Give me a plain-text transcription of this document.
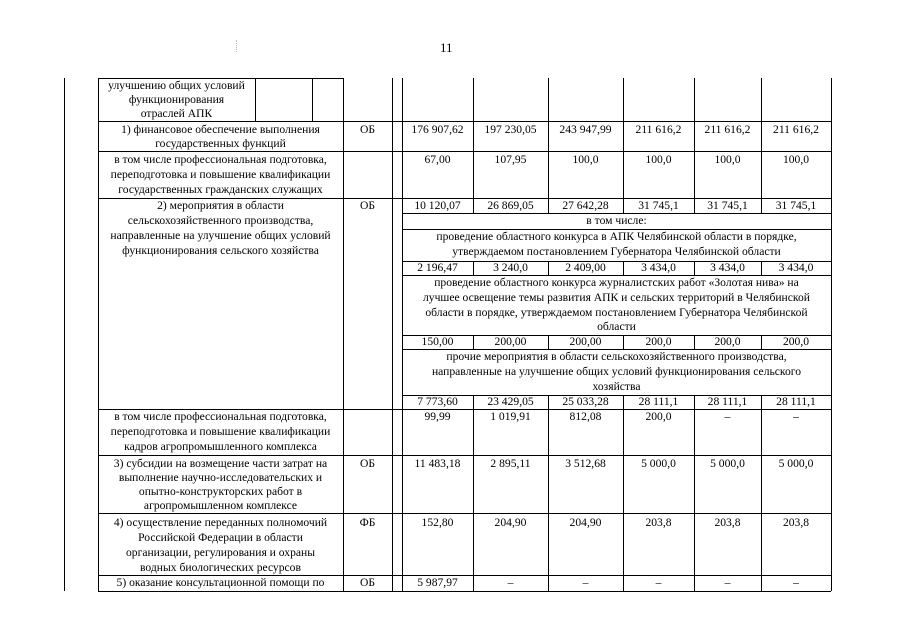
11
улучшению общих условий
функционирования
отраслей АПК
1) финансовое обеспечение выполнения
государственных функций
ОБ	176 907,62	197 230,05	243 947,99	211 616,2	211 616,2	211 616,2
в том числе профессиональная подготовка,
переподготовка и повышение квалификации
государственных гражданских служащих
67,00	107,95	100,0	100,0	100,0	100,0
2) мероприятия в области
сельскохозяйственного производства,
направленные на улучшение общих условий
функционирования сельского хозяйства
ОБ	10 120,07	26 869,05	27 642,28	31 745,1	31 745,1	31 745,1
в том числе:
проведение областного конкурса в АПК Челябинской области в порядке,
утверждаемом постановлением Губернатора Челябинской области
2 196,47	3 240,0	2 409,00	3 434,0	3 434,0	3 434,0
проведение областного конкурса журналистских работ «Золотая нива» на
лучшее освещение темы развития АПК и сельских территорий в Челябинской
области в порядке, утверждаемом постановлением Губернатора Челябинской
области
150,00	200,00	200,00	200,0	200,0	200,0
прочие мероприятия в области сельскохозяйственного производства,
направленные на улучшение общих условий функционирования сельского
хозяйства
7 773,60	23 429,05	25 033,28	28 111,1	28 111,1	28 111,1
в том числе профессиональная подготовка,
переподготовка и повышение квалификации
кадров агропромышленного комплекса
99,99	1 019,91	812,08	200,0	–	–
3) субсидии на возмещение части затрат на
выполнение научно-исследовательских и
опытно-конструкторских работ в
агропромышленном комплексе
ОБ	11 483,18	2 895,11	3 512,68	5 000,0	5 000,0	5 000,0
4) осуществление переданных полномочий
Российской Федерации в области
организации, регулирования и охраны
водных биологических ресурсов
ФБ	152,80	204,90	204,90	203,8	203,8	203,8
5) оказание консультационной помощи по	ОБ	5 987,97	–	–	–	–	–
